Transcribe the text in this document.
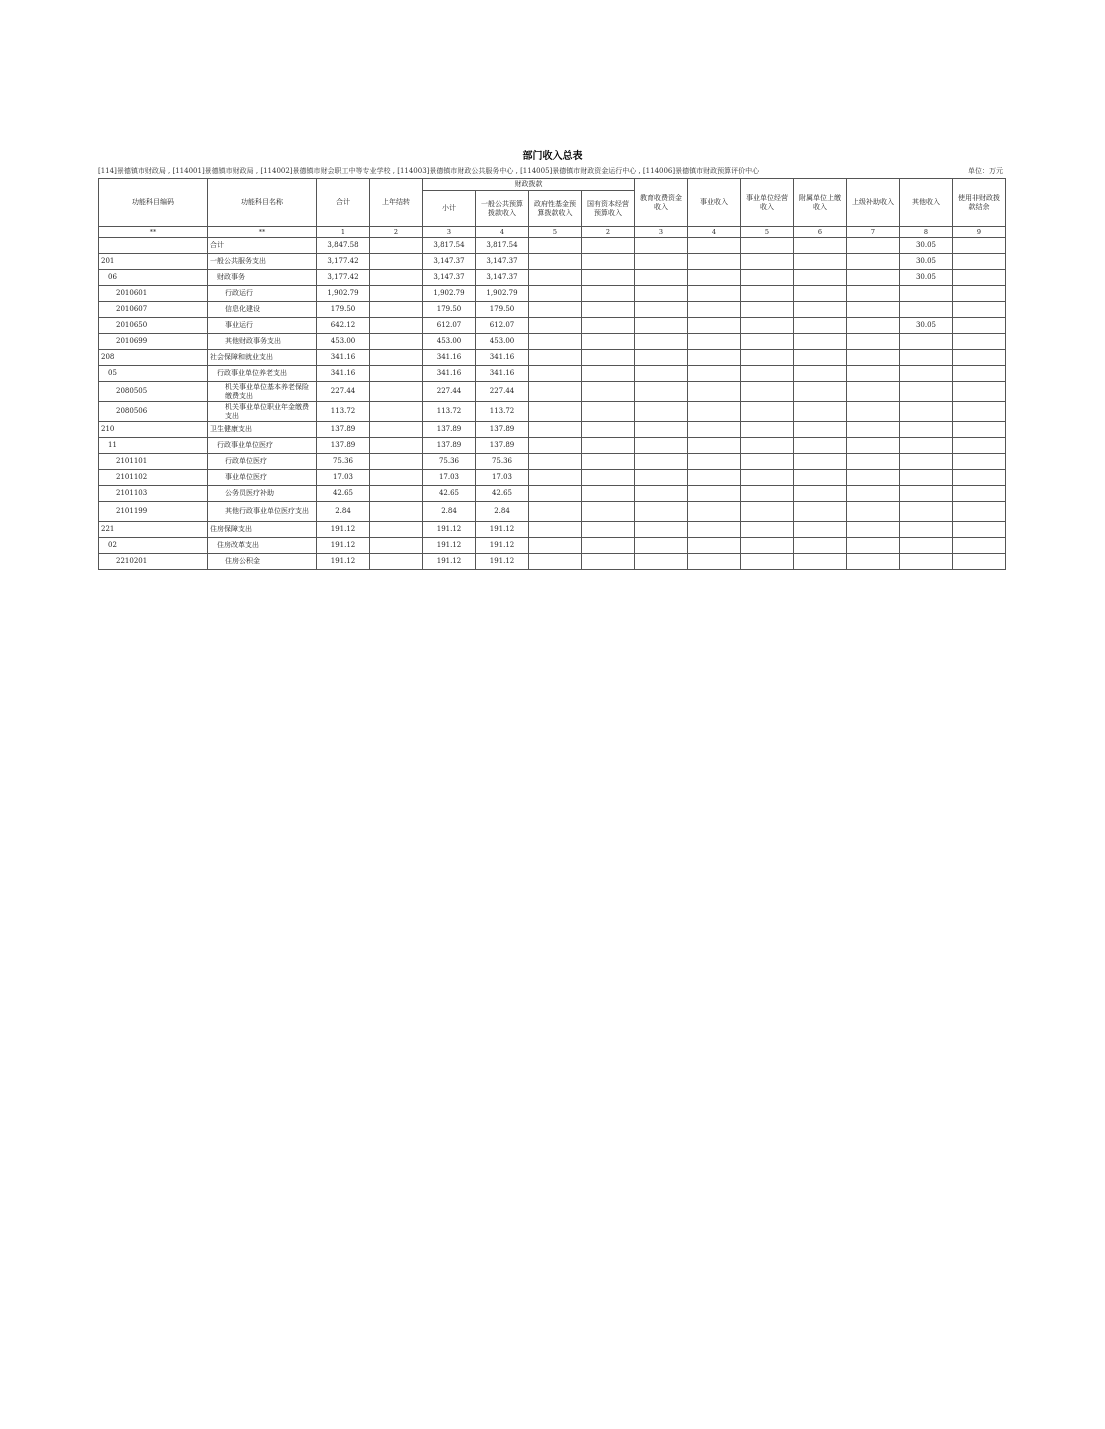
部门收入总表
[114]景德镇市财政局 , [114001]景德镇市财政局 , [114002]景德镇市财会职工中等专业学校 , [114003]景德镇市财政公共服务中心 , [114005]景德镇市财政资金运行中心 , [114006]景德镇市财政预算评价中心	单位：万元
功能科目编码	功能科目名称	合计	上年结转	财政拨款				教育收费资金收入	事业收入	事业单位经营收入	附属单位上缴收入	上级补助收入	其他收入	使用非财政拨款结余
				小计	一般公共预算拨款收入	政府性基金预算拨款收入	国有资本经营预算收入							
**	**	1	2	3	4	5	2	3	4	5	6	7	8	9
	合计	3,847.58		3,817.54	3,817.54								30.05	
201	一般公共服务支出	3,177.42		3,147.37	3,147.37								30.05	
06	财政事务	3,177.42		3,147.37	3,147.37								30.05	
2010601	行政运行	1,902.79		1,902.79	1,902.79									
2010607	信息化建设	179.50		179.50	179.50									
2010650	事业运行	642.12		612.07	612.07								30.05	
2010699	其他财政事务支出	453.00		453.00	453.00									
208	社会保障和就业支出	341.16		341.16	341.16									
05	行政事业单位养老支出	341.16		341.16	341.16									
2080505	机关事业单位基本养老保险缴费支出	227.44		227.44	227.44									
2080506	机关事业单位职业年金缴费支出	113.72		113.72	113.72									
210	卫生健康支出	137.89		137.89	137.89									
11	行政事业单位医疗	137.89		137.89	137.89									
2101101	行政单位医疗	75.36		75.36	75.36									
2101102	事业单位医疗	17.03		17.03	17.03									
2101103	公务员医疗补助	42.65		42.65	42.65									
2101199	其他行政事业单位医疗支出	2.84		2.84	2.84									
221	住房保障支出	191.12		191.12	191.12									
02	住房改革支出	191.12		191.12	191.12									
2210201	住房公积金	191.12		191.12	191.12									
